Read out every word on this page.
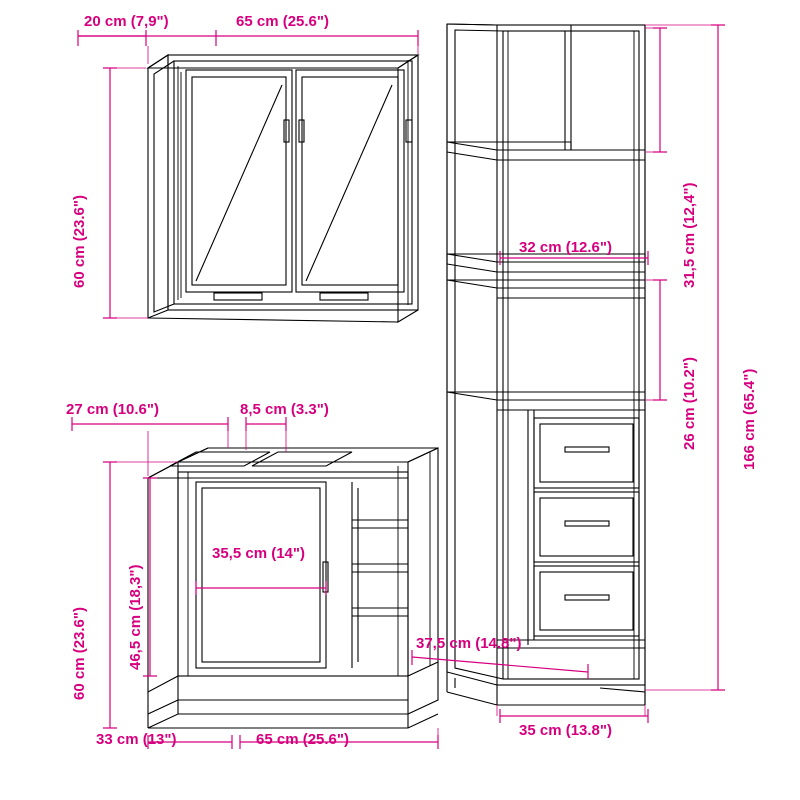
20 cm (7,9")	65 cm (25.6")
60 cm (23.6")	31,5 cm (12,4")
32 cm (12.6")
26 cm (10.2")	166 cm (65.4")
37,5 cm (14.8")
35 cm (13.8")
27 cm (10.6")	8,5 cm (3.3")
60 cm (23.6")	46,5 cm (18,3")
35,5 cm (14")
33 cm (13")	65 cm (25.6")
